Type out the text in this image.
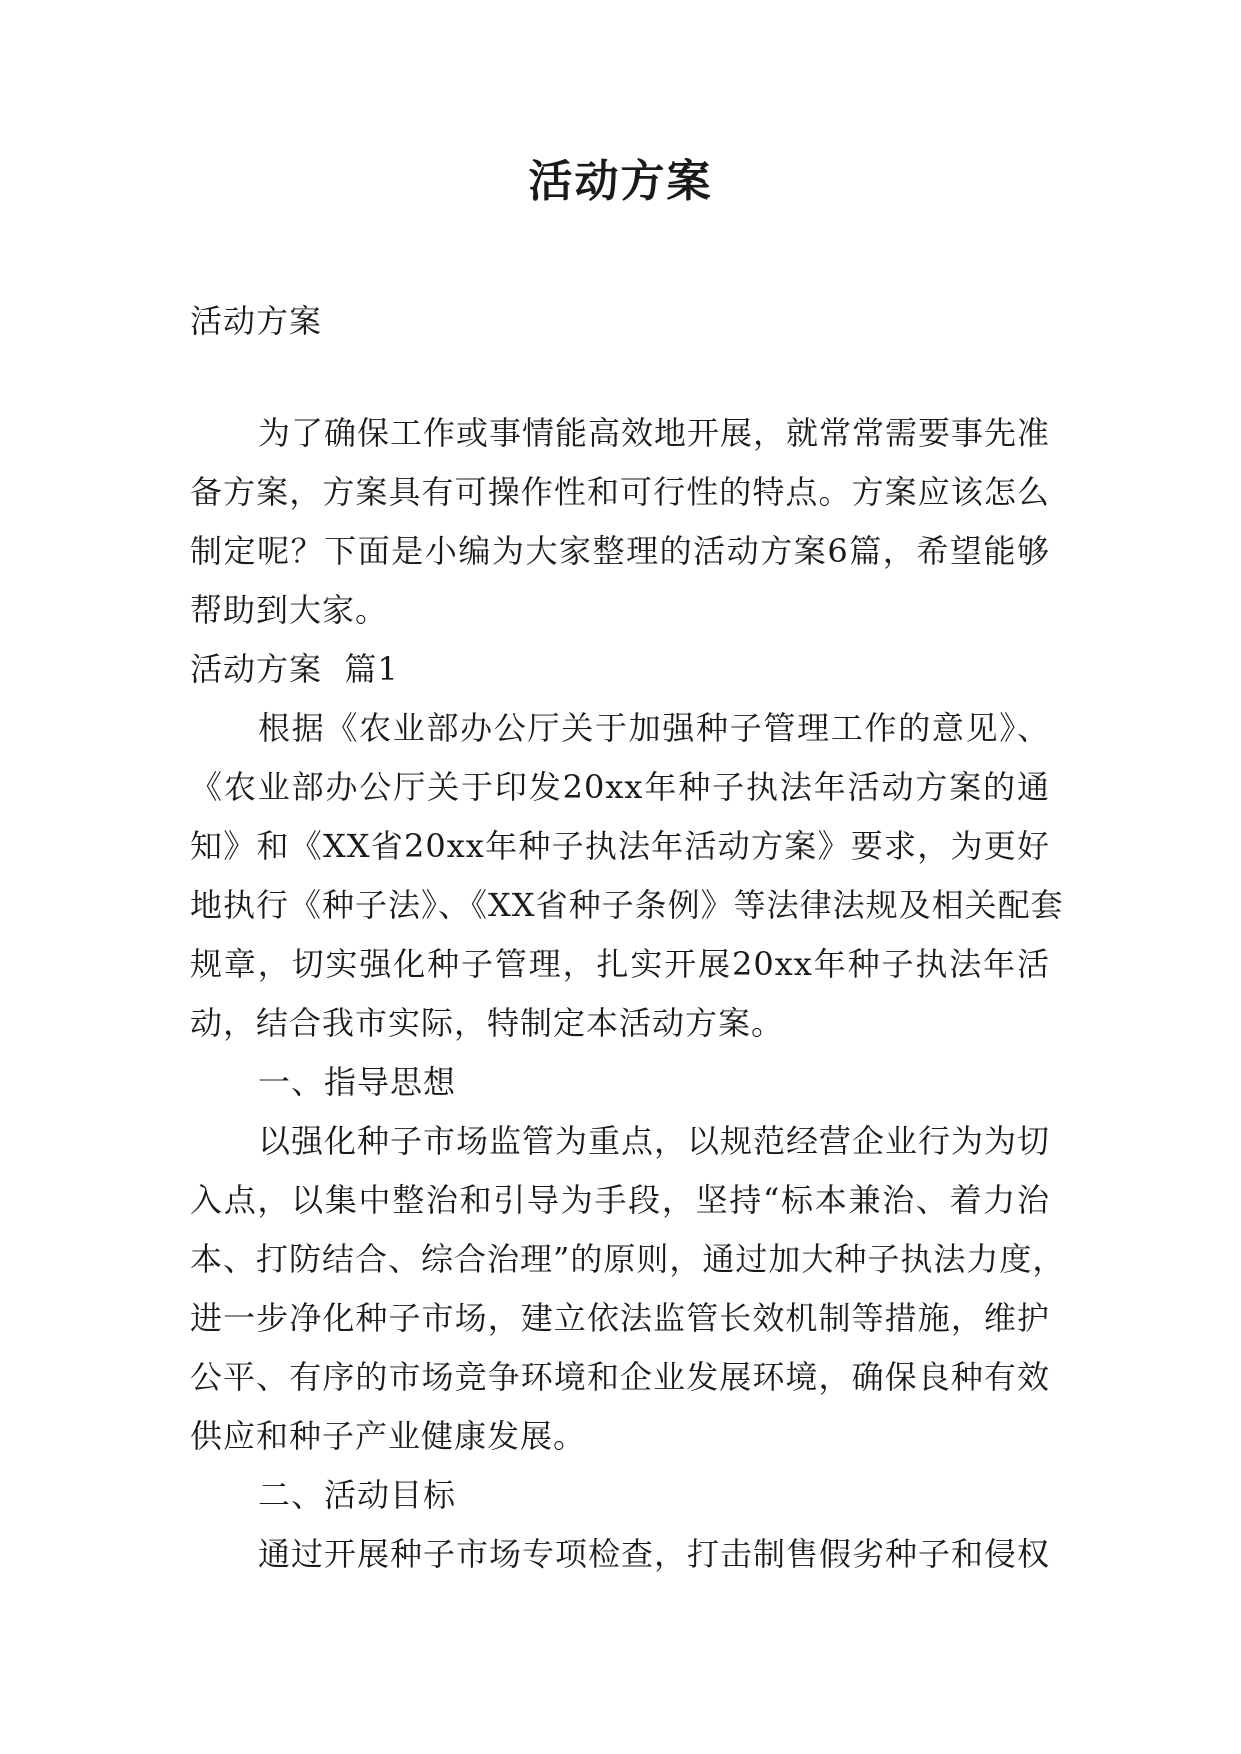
活动方案
活动方案
为了确保工作或事情能高效地开展，就常常需要事先准
备方案，方案具有可操作性和可行性的特点。方案应该怎么
制定呢？下面是小编为大家整理的活动方案6篇，希望能够
帮助到大家。
活动方案  篇1
根据《农业部办公厅关于加强种子管理工作的意见》、
《农业部办公厅关于印发20xx年种子执法年活动方案的通
知》和《XX省20xx年种子执法年活动方案》要求，为更好
地执行《种子法》、《XX省种子条例》等法律法规及相关配套
规章，切实强化种子管理，扎实开展20xx年种子执法年活
动，结合我市实际，特制定本活动方案。
一、指导思想
以强化种子市场监管为重点，以规范经营企业行为为切
入点，以集中整治和引导为手段，坚持“标本兼治、着力治
本、打防结合、综合治理”的原则，通过加大种子执法力度，
进一步净化种子市场，建立依法监管长效机制等措施，维护
公平、有序的市场竞争环境和企业发展环境，确保良种有效
供应和种子产业健康发展。
二、活动目标
通过开展种子市场专项检查，打击制售假劣种子和侵权
